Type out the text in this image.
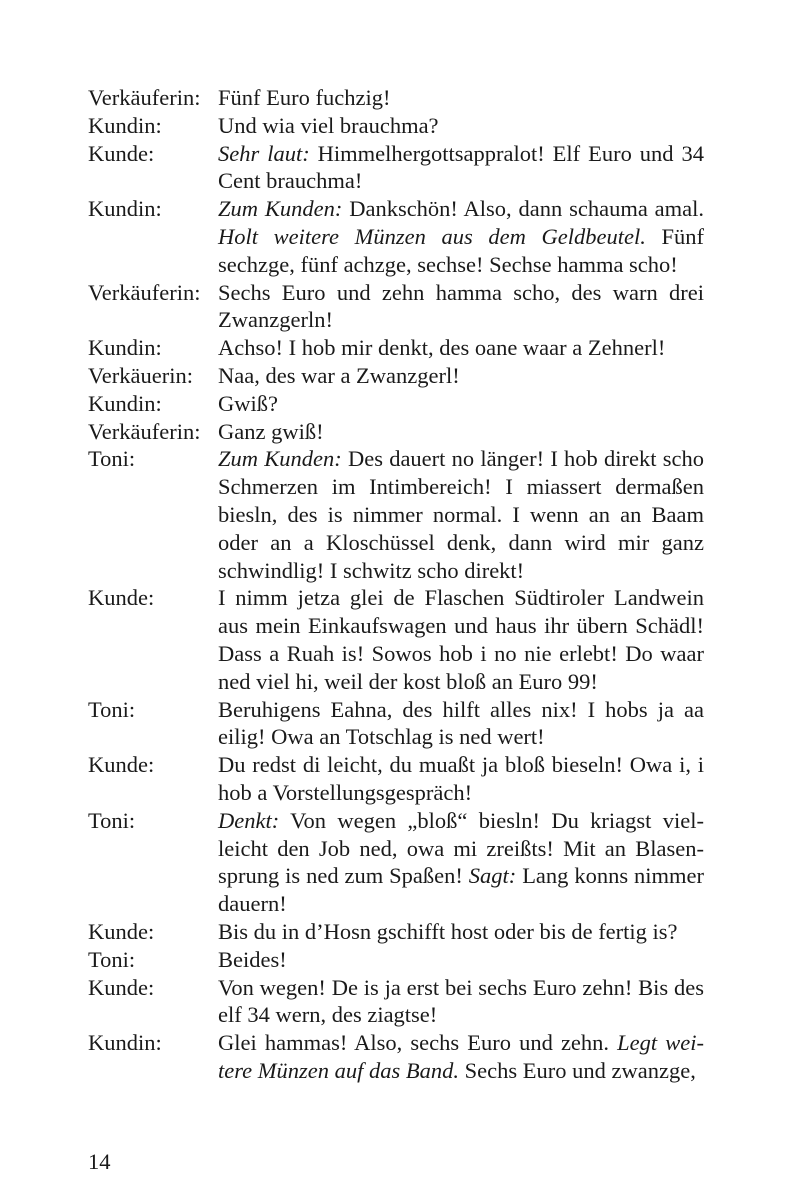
Verkäuferin: Fünf Euro fuchzig!
Kundin:	Und wia viel brauchma?
Kunde:	Sehr laut: Himmelhergottsappralot! Elf Euro und 34 Cent brauchma!
Kundin:	Zum Kunden: Dankschön! Also, dann schauma amal. Holt weitere Münzen aus dem Geldbeutel. Fünf sechzge, fünf achzge, sechse! Sechse hamma scho!
Verkäuferin: Sechs Euro und zehn hamma scho, des warn drei Zwanzgerln!
Kundin:	Achso! I hob mir denkt, des oane waar a Zehnerl!
Verkäuerin:	Naa, des war a Zwanzgerl!
Kundin:	Gwiß?
Verkäuferin: Ganz gwiß!
Toni:	Zum Kunden: Des dauert no länger! I hob direkt scho Schmerzen im Intimbereich! I miassert dermaßen biesln, des is nimmer normal. I wenn an an Baam oder an a Kloschüssel denk, dann wird mir ganz schwindlig! I schwitz scho direkt!
Kunde:	I nimm jetza glei de Flaschen Südtiroler Landwein aus mein Einkaufswagen und haus ihr übern Schädl! Dass a Ruah is! Sowos hob i no nie erlebt! Do waar ned viel hi, weil der kost bloß an Euro 99!
Toni:	Beruhigens Eahna, des hilft alles nix! I hobs ja aa eilig! Owa an Totschlag is ned wert!
Kunde:	Du redst di leicht, du muaßt ja bloß bieseln! Owa i, i hob a Vorstellungsgespräch!
Toni:	Denkt: Von wegen „bloß“ biesln! Du kriagst vielleicht den Job ned, owa mi zreißts! Mit an Blasensprung is ned zum Spaßen! Sagt: Lang konns nimmer dauern!
Kunde:	Bis du in d’Hosn gschifft host oder bis de fertig is?
Toni:	Beides!
Kunde:	Von wegen! De is ja erst bei sechs Euro zehn! Bis des elf 34 wern, des ziagtse!
Kundin:	Glei hammas! Also, sechs Euro und zehn. Legt weitere Münzen auf das Band. Sechs Euro und zwanzge,
14
